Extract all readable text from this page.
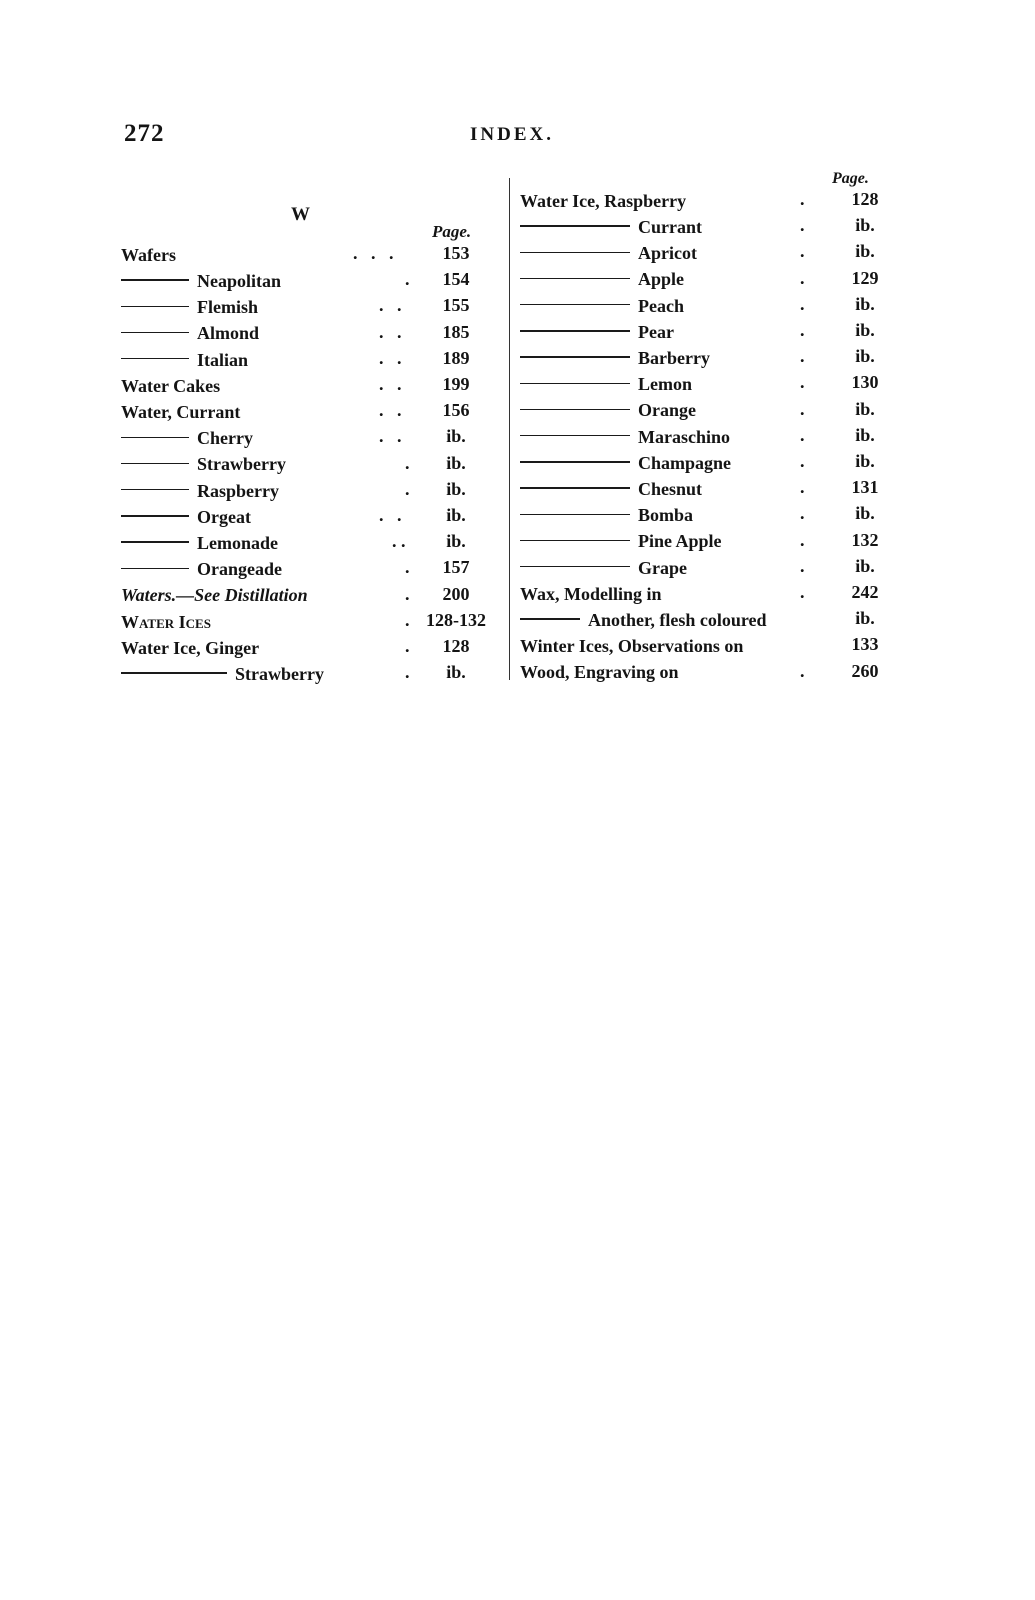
272	INDEX.
W
Page.
Page.
Wafers	.   .   .	153
Neapolitan	.	154
Flemish	.   .	155
Almond	.   .	185
Italian	.   .	189
Water Cakes	.   .	199
Water, Currant	.   .	156
Cherry	.   .	ib.
Strawberry	.	ib.
Raspberry	.	ib.
Orgeat	.   .	ib.
Lemonade	. .	ib.
Orangeade	.	157
Waters.—See Distillation	.	200
Water Ices	. 128-132
Water Ice, Ginger	.	128
Strawberry	.	ib.
Water Ice, Raspberry	.	128
Currant	.	ib.
Apricot	.	ib.
Apple	.	129
Peach	.	ib.
Pear	.	ib.
Barberry	.	ib.
Lemon	.	130
Orange	.	ib.
Maraschino	.	ib.
Champagne	.	ib.
Chesnut	.	131
Bomba	.	ib.
Pine Apple	.	132
Grape	.	ib.
Wax, Modelling in	.	242
Another, flesh coloured	ib.
Winter Ices, Observations on	133
Wood, Engraving on	.	260
